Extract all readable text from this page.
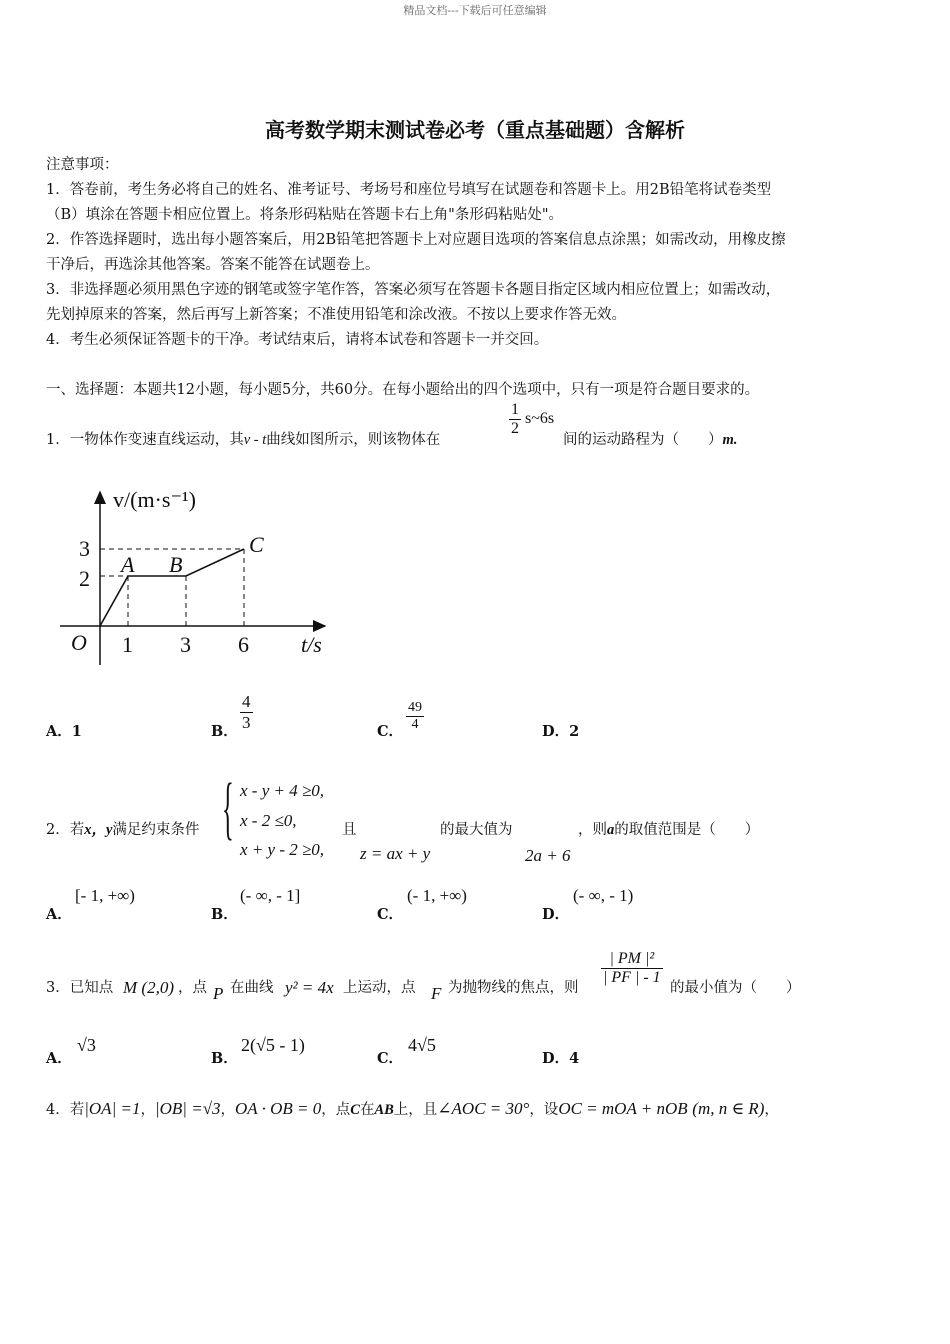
精品文档---下载后可任意编辑
高考数学期末测试卷必考（重点基础题）含解析
注意事项：
1．答卷前，考生务必将自己的姓名、准考证号、考场号和座位号填写在试题卷和答题卡上。用2B铅笔将试卷类型
（B）填涂在答题卡相应位置上。将条形码粘贴在答题卡右上角"条形码粘贴处"。
2．作答选择题时，选出每小题答案后，用2B铅笔把答题卡上对应题目选项的答案信息点涂黑；如需改动，用橡皮擦
干净后，再选涂其他答案。答案不能答在试题卷上。
3．非选择题必须用黑色字迹的钢笔或签字笔作答，答案必须写在答题卡各题目指定区域内相应位置上；如需改动，
先划掉原来的答案，然后再写上新答案；不准使用铅笔和涂改液。不按以上要求作答无效。
4．考生必须保证答题卡的干净。考试结束后，请将本试卷和答题卡一并交回。
一、选择题：本题共12小题，每小题5分，共60分。在每小题给出的四个选项中，只有一项是符合题目要求的。
1．一物体作变速直线运动，其v - t曲线如图所示，则该物体在
$\frac{1}{2}$ s~6s
间的运动路程为（　　）m.
v/(m·s⁻¹)
t/s
O
3
2
1 3 6
A B
C
A．1	B． $\frac{4}{3}$	C． $\frac{49}{4}$	D．2
2．若x，y满足约束条件 { x - y + 4 ≥0,
x - 2 ≤0,
x + y - 2 ≥0,
且
z = ax + y
的最大值为
2a + 6
，则a的取值范围是（　　）
A．
[- 1, +∞)
B．
(- ∞, - 1]
C．
(- 1, +∞)
D．
(- ∞, - 1)
3．已知点 M (2,0) ，点 P 在曲线 y² = 4x 上运动，点 F 为抛物线的焦点，则
$\frac{\text{| PM |²}}{| PF | - 1}$
的最小值为（　　）
A．
√3
B．
2(√5 - 1)
C．
4√5
D．4
4．若|OA| =1，|OB| =√3，OA · OB = 0，点C在AB上，且∠AOC = 30°，设OC = mOA + nOB (m, n ∈ R)，
